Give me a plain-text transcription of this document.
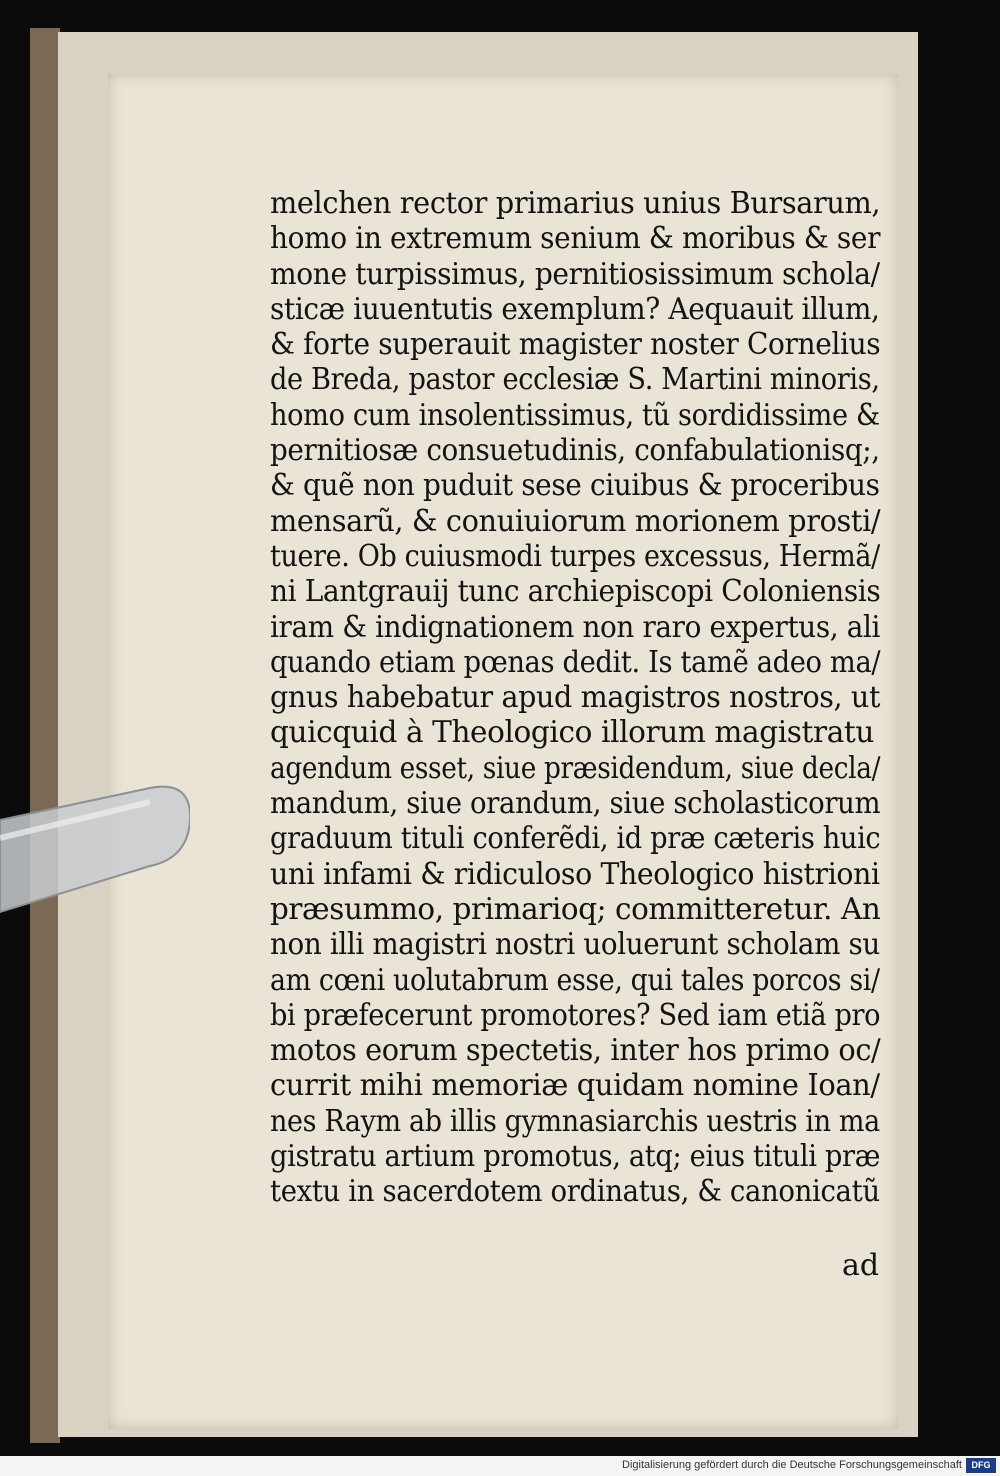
melchen rector primarius unius Bursarum,
homo in extremum senium & moribus & ser
mone turpissimus, pernitiosissimum schola/
sticæ iuuentutis exemplum? Aequauit illum,
& forte superauit magister noster Cornelius
de Breda, pastor ecclesiæ S. Martini minoris,
homo cum insolentissimus, tũ sordidissime &
pernitiosæ consuetudinis, confabulationisq;,
& quẽ non puduit sese ciuibus & proceribus
mensarũ, & conuiuiorum morionem prosti/
tuere. Ob cuiusmodi turpes excessus, Hermã/
ni Lantgrauij tunc archiepiscopi Coloniensis
iram & indignationem non raro expertus, ali
quando etiam pœnas dedit. Is tamẽ adeo ma/
gnus habebatur apud magistros nostros, ut
quicquid à Theologico illorum magistratu
agendum esset, siue præsidendum, siue decla/
mandum, siue orandum, siue scholasticorum
graduum tituli conferẽdi, id præ cæteris huic
uni infami & ridiculoso Theologico histrioni
præsummo, primarioq; committeretur. An
non illi magistri nostri uoluerunt scholam su
am cœni uolutabrum esse, qui tales porcos si/
bi præfecerunt promotores? Sed iam etiã pro
motos eorum spectetis, inter hos primo oc/
currit mihi memoriæ quidam nomine Ioan/
nes Raym ab illis gymnasiarchis uestris in ma
gistratu artium promotus, atq; eius tituli præ
textu in sacerdotem ordinatus, & canonicatũ
ad
Digitalisierung gefördert durch die Deutsche Forschungsgemeinschaft	DFG
